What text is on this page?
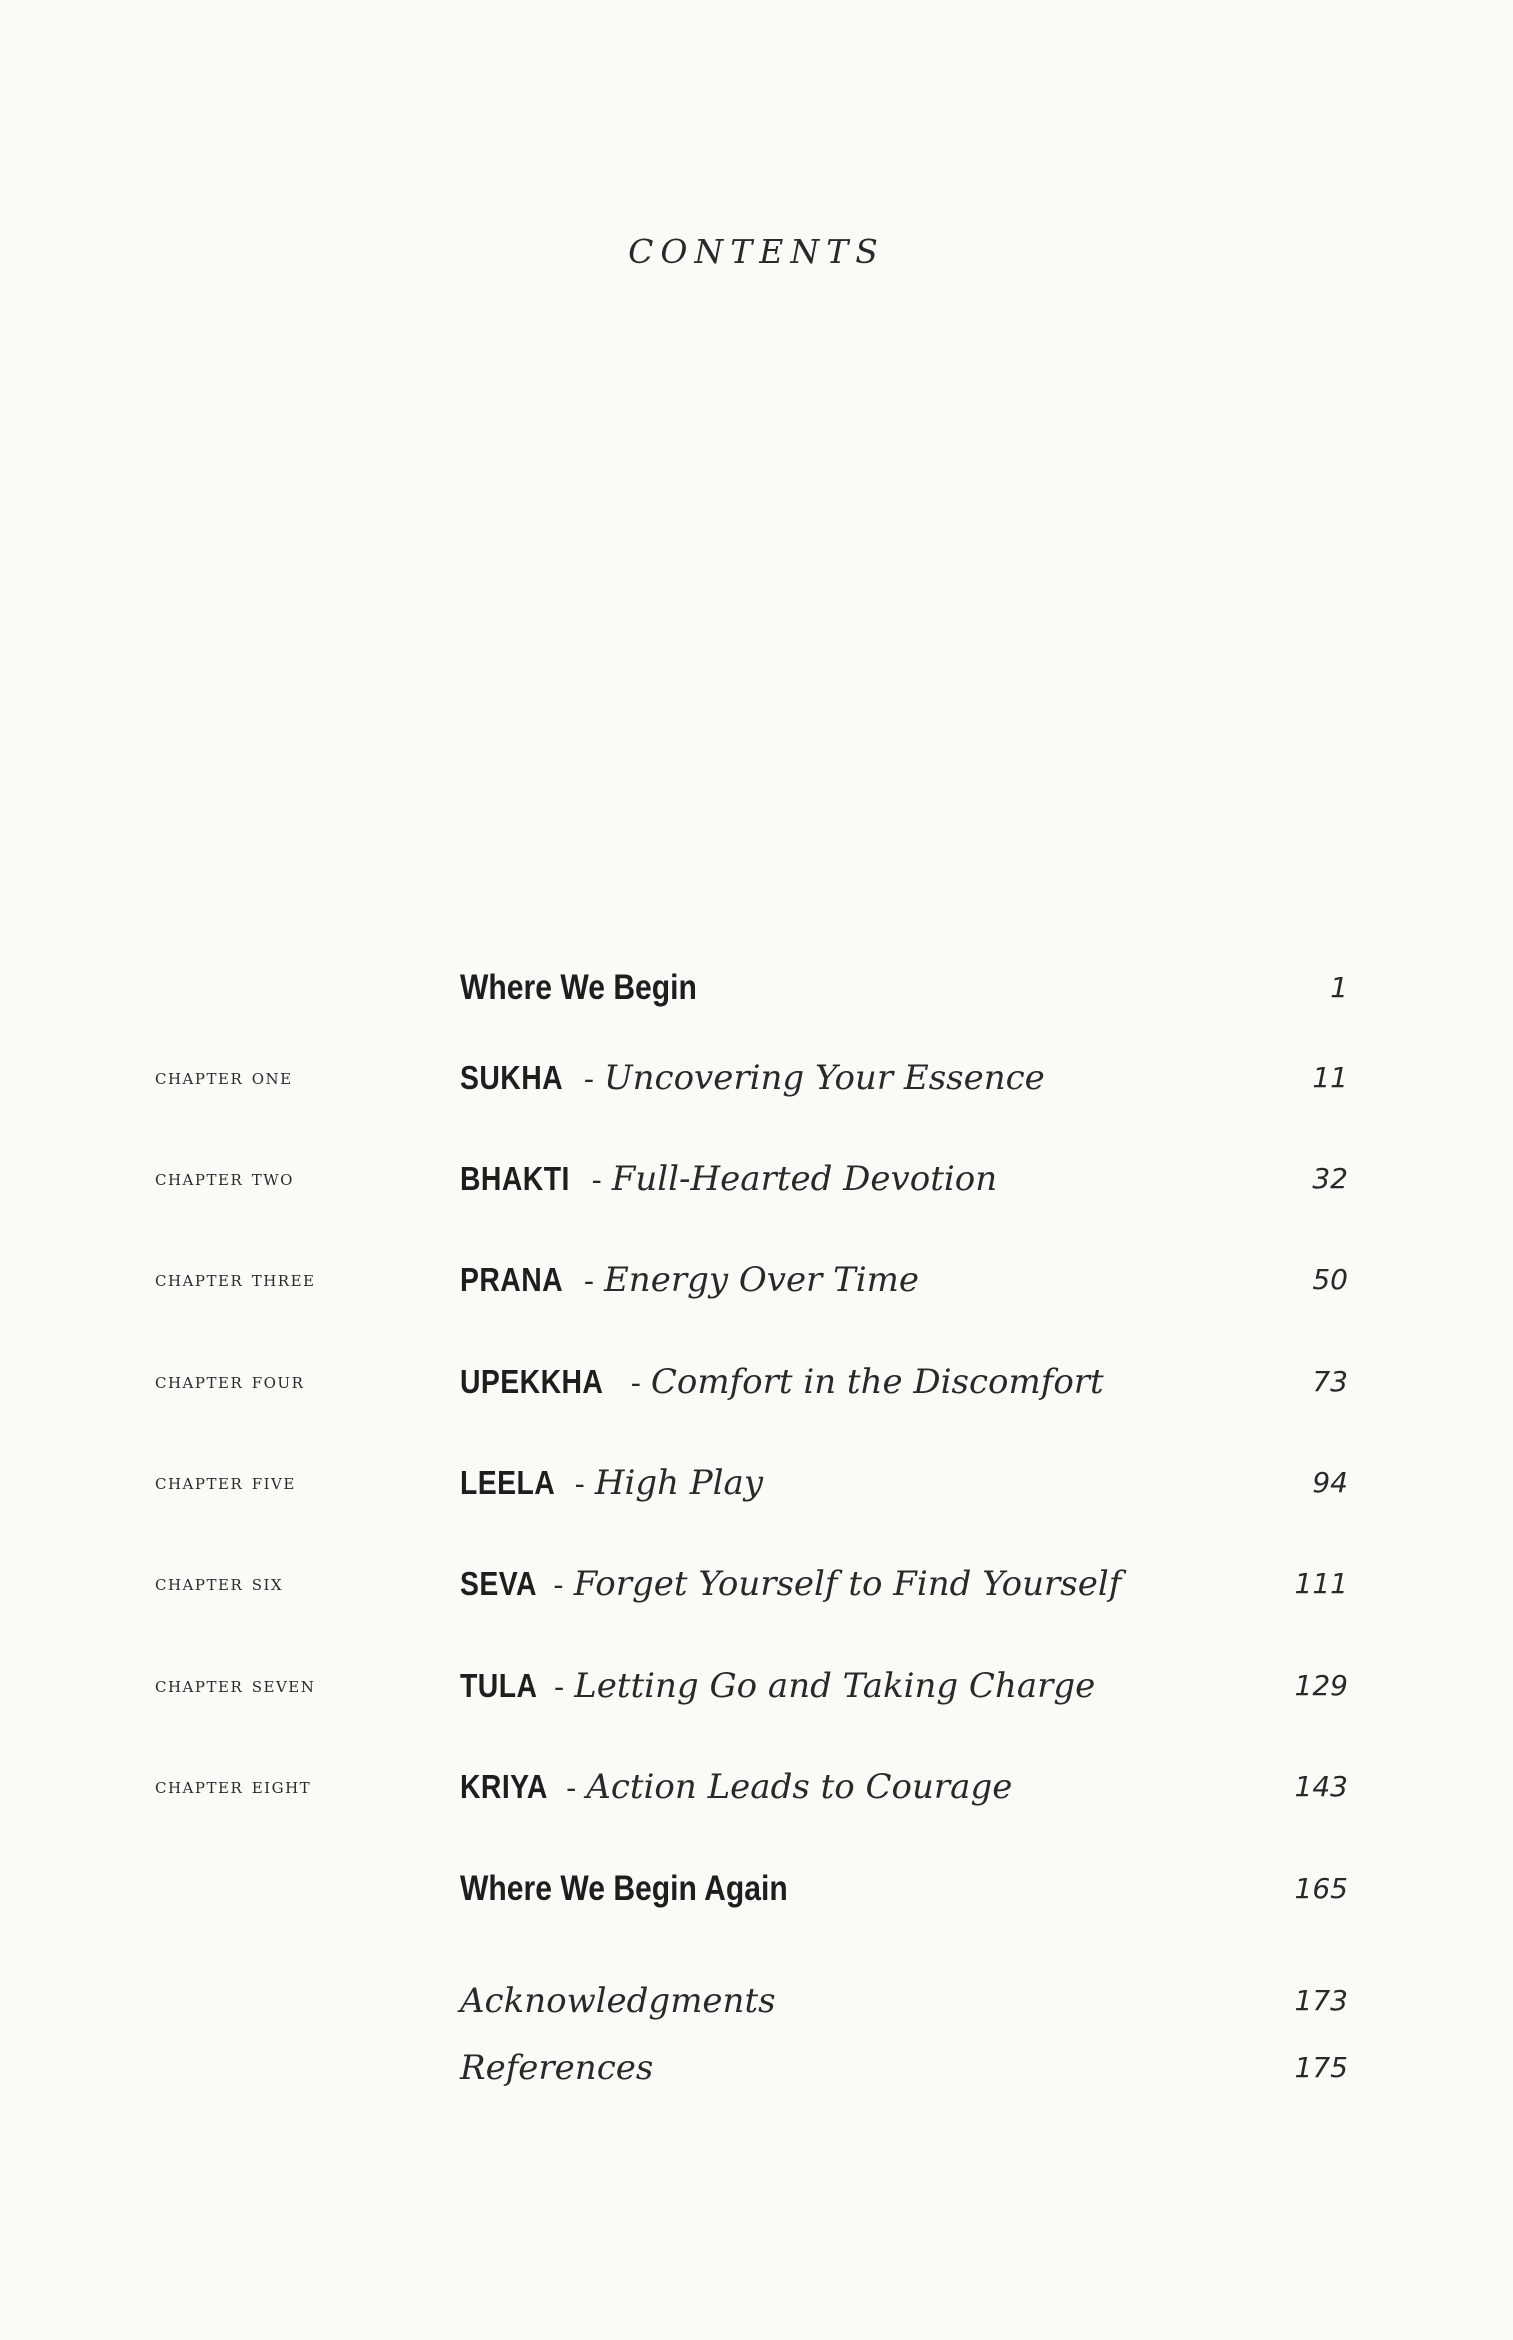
CONTENTS
Where We Begin	1
chapter one	SUKHA - Uncovering Your Essence	11
chapter two	BHAKTI - Full-Hearted Devotion	32
chapter three	PRANA - Energy Over Time	50
chapter four	UPEKKHA - Comfort in the Discomfort	73
chapter five	LEELA - High Play	94
chapter six	SEVA - Forget Yourself to Find Yourself	111
chapter seven	TULA - Letting Go and Taking Charge	129
chapter eight	KRIYA - Action Leads to Courage	143
Where We Begin Again	165
Acknowledgments	173
References	175
